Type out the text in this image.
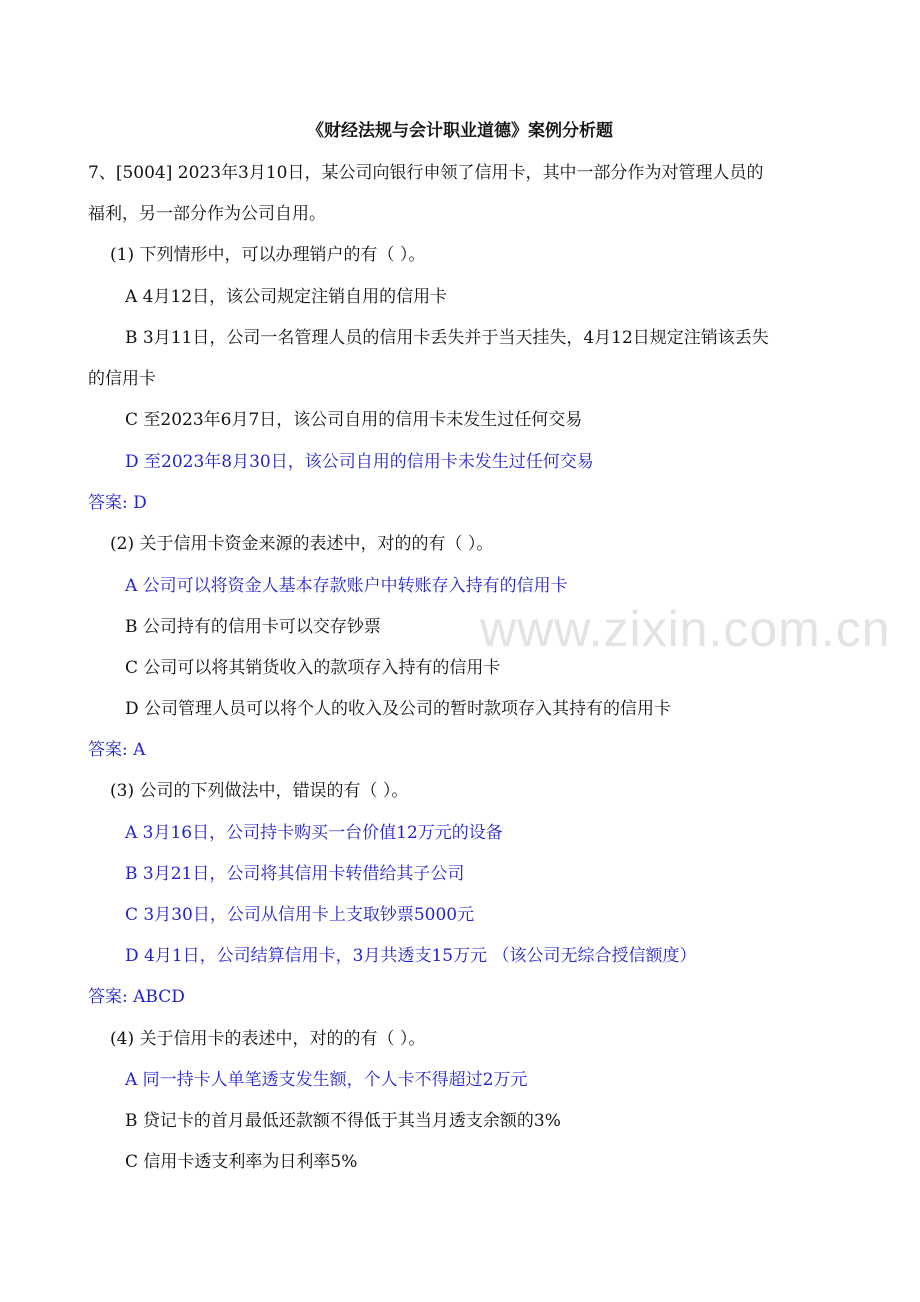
www.zixin.com.cn
《财经法规与会计职业道德》案例分析题
7、[5004] 2023年3月10日，某公司向银行申领了信用卡，其中一部分作为对管理人员的
福利，另一部分作为公司自用。
(1) 下列情形中，可以办理销户的有（ ）。
A 4月12日，该公司规定注销自用的信用卡
B 3月11日，公司一名管理人员的信用卡丢失并于当天挂失，4月12日规定注销该丢失
的信用卡
C 至2023年6月7日，该公司自用的信用卡未发生过任何交易
D 至2023年8月30日，该公司自用的信用卡未发生过任何交易
答案: D
(2) 关于信用卡资金来源的表述中，对的的有（ ）。
A 公司可以将资金人基本存款账户中转账存入持有的信用卡
B 公司持有的信用卡可以交存钞票
C 公司可以将其销货收入的款项存入持有的信用卡
D 公司管理人员可以将个人的收入及公司的暂时款项存入其持有的信用卡
答案: A
(3) 公司的下列做法中，错误的有（ ）。
A 3月16日，公司持卡购买一台价值12万元的设备
B 3月21日，公司将其信用卡转借给其子公司
C 3月30日，公司从信用卡上支取钞票5000元
D 4月1日，公司结算信用卡，3月共透支15万元 （该公司无综合授信额度）
答案: ABCD
(4) 关于信用卡的表述中，对的的有（ ）。
A 同一持卡人单笔透支发生额，个人卡不得超过2万元
B 贷记卡的首月最低还款额不得低于其当月透支余额的3%
C 信用卡透支利率为日利率5%
